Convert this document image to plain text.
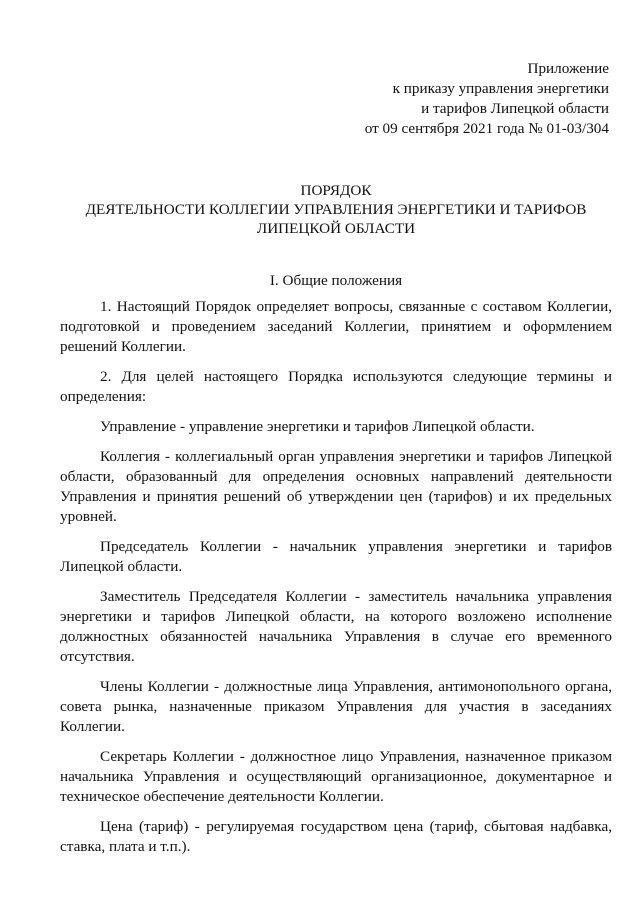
Приложение
к приказу управления энергетики
и тарифов Липецкой области
от 09 сентября 2021 года № 01-03/304
ПОРЯДОК
ДЕЯТЕЛЬНОСТИ КОЛЛЕГИИ УПРАВЛЕНИЯ ЭНЕРГЕТИКИ И ТАРИФОВ
ЛИПЕЦКОЙ ОБЛАСТИ
I. Общие положения

1. Настоящий Порядок определяет вопросы, связанные с составом Коллегии, подготовкой и проведением заседаний Коллегии, принятием и оформлением решений Коллегии.

2. Для целей настоящего Порядка используются следующие термины и определения:

Управление - управление энергетики и тарифов Липецкой области.

Коллегия - коллегиальный орган управления энергетики и тарифов Липецкой области, образованный для определения основных направлений деятельности Управления и принятия решений об утверждении цен (тарифов) и их предельных уровней.

Председатель Коллегии - начальник управления энергетики и тарифов Липецкой области.

Заместитель Председателя Коллегии - заместитель начальника управления энергетики и тарифов Липецкой области, на которого возложено исполнение должностных обязанностей начальника Управления в случае его временного отсутствия.

Члены Коллегии - должностные лица Управления, антимонопольного органа, совета рынка, назначенные приказом Управления для участия в заседаниях Коллегии.

Секретарь Коллегии - должностное лицо Управления, назначенное приказом начальника Управления и осуществляющий организационное, документарное и техническое обеспечение деятельности Коллегии.

Цена (тариф) - регулируемая государством цена (тариф, сбытовая надбавка, ставка, плата и т.п.).
